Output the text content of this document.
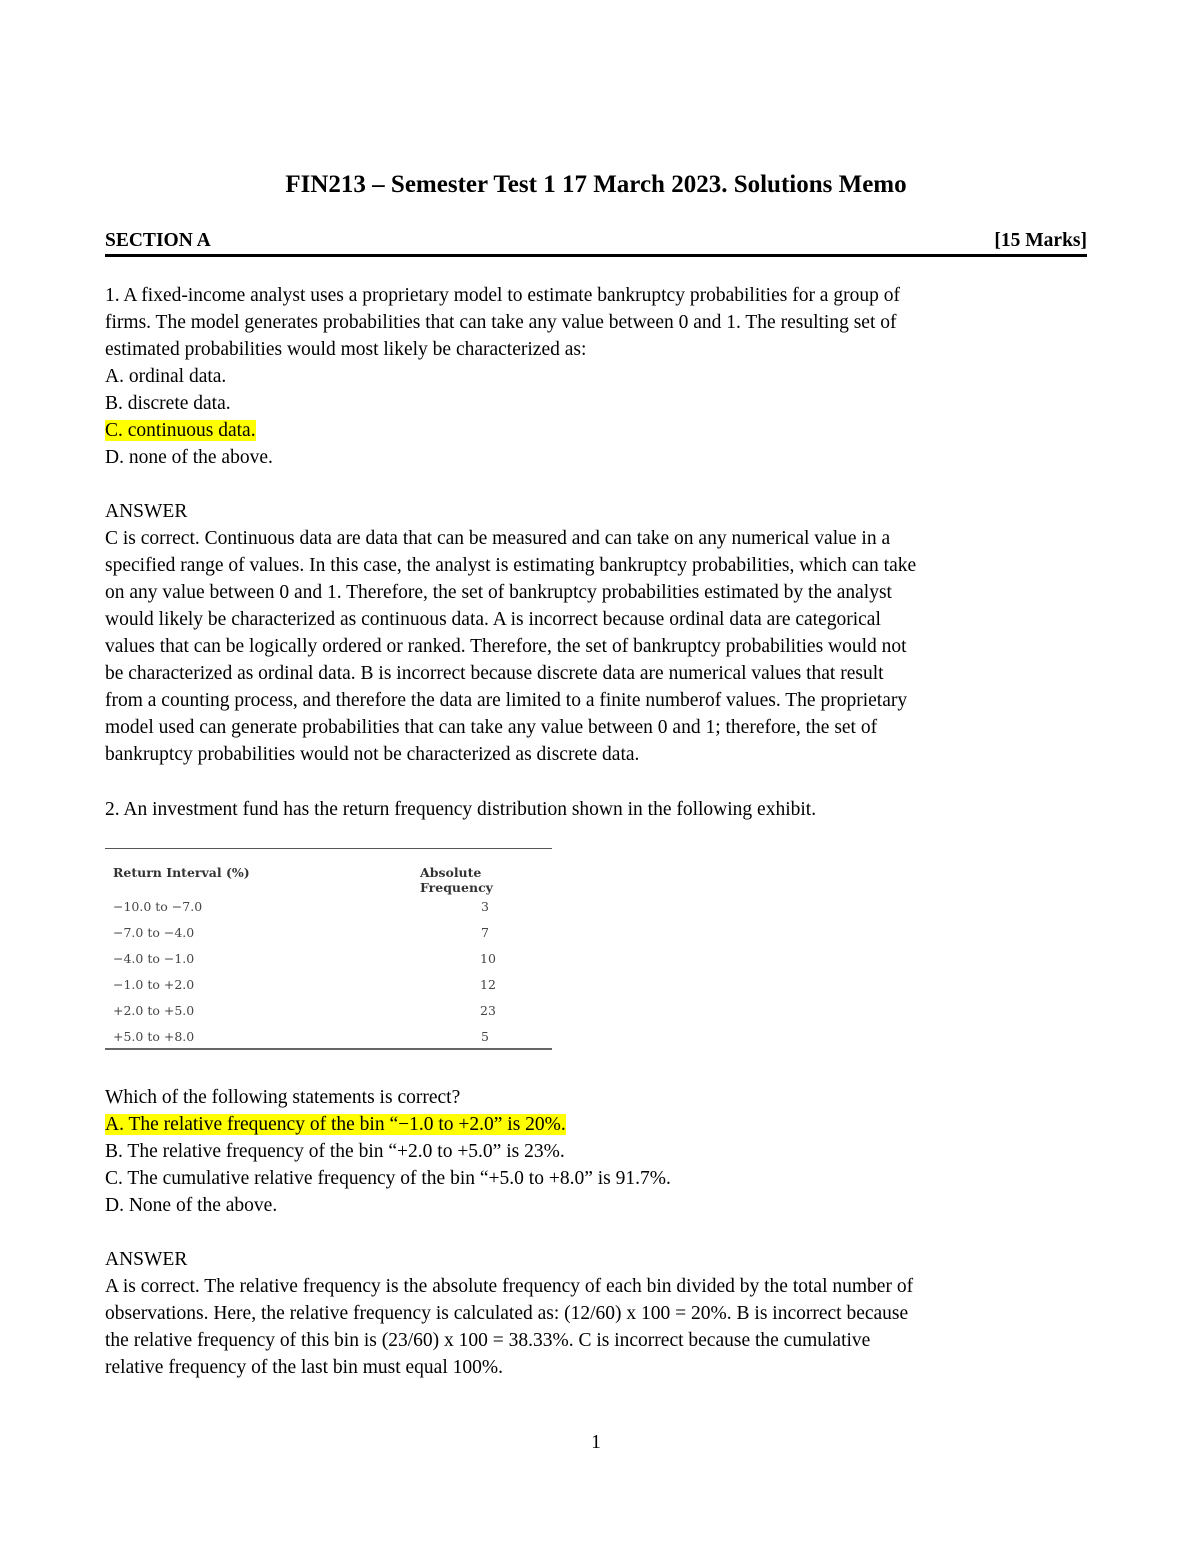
FIN213 – Semester Test 1 17 March 2023. Solutions Memo
SECTION A	[15 Marks]
1. A fixed-income analyst uses a proprietary model to estimate bankruptcy probabilities for a group of
firms. The model generates probabilities that can take any value between 0 and 1. The resulting set of
estimated probabilities would most likely be characterized as:
A. ordinal data.
B. discrete data.
C. continuous data.
D. none of the above.
ANSWER
C is correct. Continuous data are data that can be measured and can take on any numerical value in a
specified range of values. In this case, the analyst is estimating bankruptcy probabilities, which can take
on any value between 0 and 1. Therefore, the set of bankruptcy probabilities estimated by the analyst
would likely be characterized as continuous data. A is incorrect because ordinal data are categorical
values that can be logically ordered or ranked. Therefore, the set of bankruptcy probabilities would not
be characterized as ordinal data. B is incorrect because discrete data are numerical values that result
from a counting process, and therefore the data are limited to a finite numberof values. The proprietary
model used can generate probabilities that can take any value between 0 and 1; therefore, the set of
bankruptcy probabilities would not be characterized as discrete data.
2. An investment fund has the return frequency distribution shown in the following exhibit.
Return Interval (%)	Absolute Frequency
−10.0 to −7.0	3
−7.0 to −4.0	7
−4.0 to −1.0	10
−1.0 to +2.0	12
+2.0 to +5.0	23
+5.0 to +8.0	5
Which of the following statements is correct?
A. The relative frequency of the bin “−1.0 to +2.0” is 20%.
B. The relative frequency of the bin “+2.0 to +5.0” is 23%.
C. The cumulative relative frequency of the bin “+5.0 to +8.0” is 91.7%.
D. None of the above.
ANSWER
A is correct. The relative frequency is the absolute frequency of each bin divided by the total number of
observations. Here, the relative frequency is calculated as: (12/60) x 100 = 20%. B is incorrect because
the relative frequency of this bin is (23/60) x 100 = 38.33%. C is incorrect because the cumulative
relative frequency of the last bin must equal 100%.
1
